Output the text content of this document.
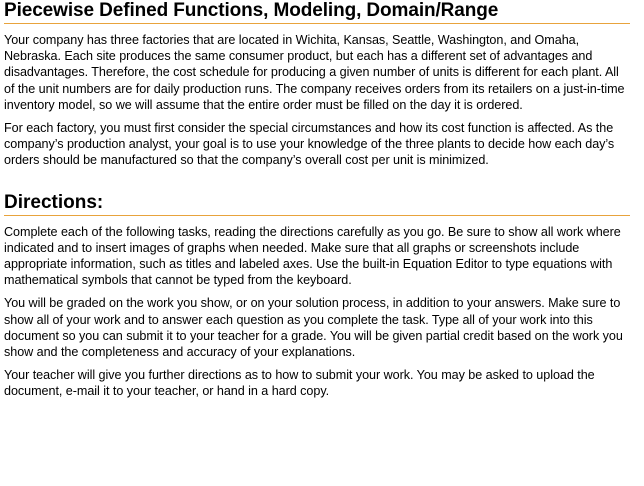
Piecewise Defined Functions, Modeling, Domain/Range

Your company has three factories that are located in Wichita, Kansas, Seattle, Washington, and Omaha, Nebraska. Each site produces the same consumer product, but each has a different set of advantages and disadvantages. Therefore, the cost schedule for producing a given number of units is different for each plant. All of the unit numbers are for daily production runs. The company receives orders from its retailers on a just-in-time inventory model, so we will assume that the entire order must be filled on the day it is ordered.

For each factory, you must first consider the special circumstances and how its cost function is affected. As the company’s production analyst, your goal is to use your knowledge of the three plants to decide how each day’s orders should be manufactured so that the company’s overall cost per unit is minimized.

Directions:

Complete each of the following tasks, reading the directions carefully as you go. Be sure to show all work where indicated and to insert images of graphs when needed. Make sure that all graphs or screenshots include appropriate information, such as titles and labeled axes. Use the built-in Equation Editor to type equations with mathematical symbols that cannot be typed from the keyboard.

You will be graded on the work you show, or on your solution process, in addition to your answers. Make sure to show all of your work and to answer each question as you complete the task. Type all of your work into this document so you can submit it to your teacher for a grade. You will be given partial credit based on the work you show and the completeness and accuracy of your explanations.

Your teacher will give you further directions as to how to submit your work. You may be asked to upload the document, e-mail it to your teacher, or hand in a hard copy.
